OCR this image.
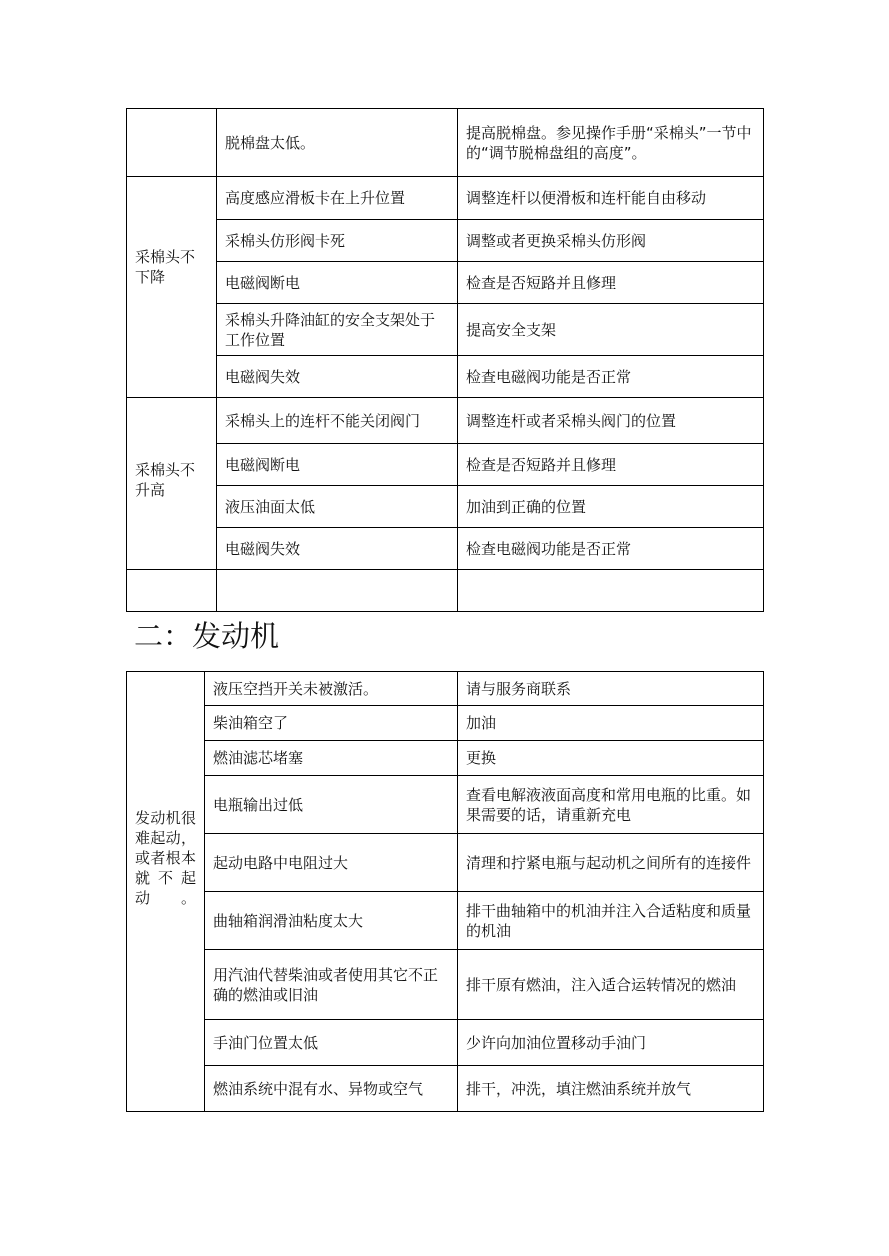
	脱棉盘太低。	提高脱棉盘。参见操作手册“采棉头”一节中的“调节脱棉盘组的高度”。

采棉头不
下降	高度感应滑板卡在上升位置	调整连杆以便滑板和连杆能自由移动
	采棉头仿形阀卡死	调整或者更换采棉头仿形阀
	电磁阀断电	检查是否短路并且修理
	采棉头升降油缸的安全支架处于工作位置	提高安全支架
	电磁阀失效	检查电磁阀功能是否正常

采棉头不
升高	采棉头上的连杆不能关闭阀门	调整连杆或者采棉头阀门的位置
	电磁阀断电	检查是否短路并且修理
	液压油面太低	加油到正确的位置
	电磁阀失效	检查电磁阀功能是否正常

二：发动机
发动机很难起动，或者根本就不起动。	液压空挡开关未被激活。	请与服务商联系
	柴油箱空了	加油
	燃油滤芯堵塞	更换
	电瓶输出过低	查看电解液液面高度和常用电瓶的比重。如果需要的话，请重新充电
	起动电路中电阻过大	清理和拧紧电瓶与起动机之间所有的连接件
	曲轴箱润滑油粘度太大	排干曲轴箱中的机油并注入合适粘度和质量的机油
	用汽油代替柴油或者使用其它不正确的燃油或旧油	排干原有燃油，注入适合运转情况的燃油
	手油门位置太低	少许向加油位置移动手油门
	燃油系统中混有水、异物或空气	排干，冲洗，填注燃油系统并放气
